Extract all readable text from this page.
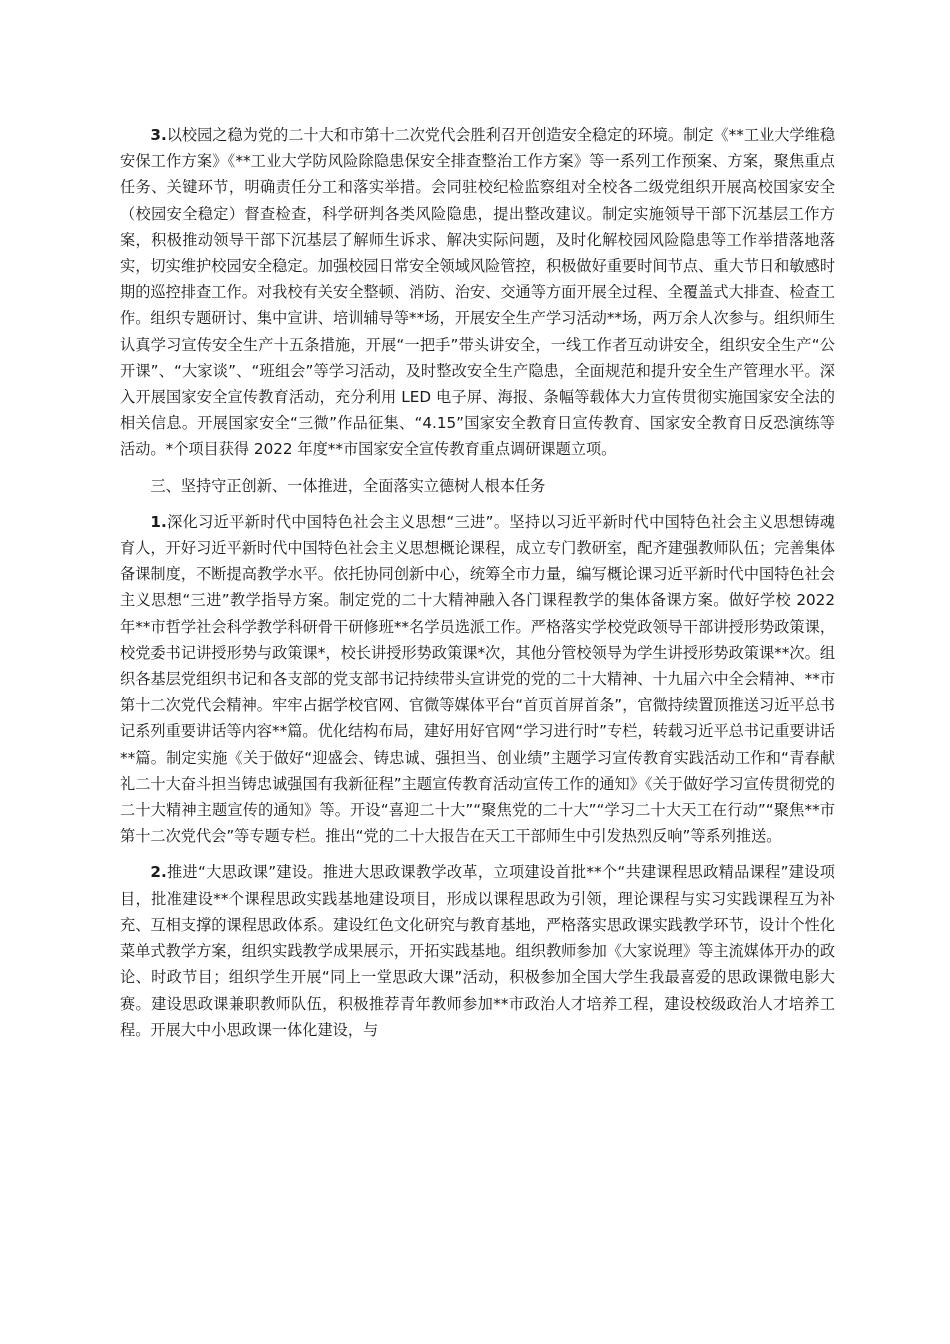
3.以校园之稳为党的二十大和市第十二次党代会胜利召开创造安全稳定的环境。制定《**工业大学维稳安保工作方案》《**工业大学防风险除隐患保安全排查整治工作方案》等一系列工作预案、方案，聚焦重点任务、关键环节，明确责任分工和落实举措。会同驻校纪检监察组对全校各二级党组织开展高校国家安全（校园安全稳定）督查检查，科学研判各类风险隐患，提出整改建议。制定实施领导干部下沉基层工作方案，积极推动领导干部下沉基层了解师生诉求、解决实际问题，及时化解校园风险隐患等工作举措落地落实，切实维护校园安全稳定。加强校园日常安全领域风险管控，积极做好重要时间节点、重大节日和敏感时期的巡控排查工作。对我校有关安全整顿、消防、治安、交通等方面开展全过程、全覆盖式大排查、检查工作。组织专题研讨、集中宣讲、培训辅导等**场，开展安全生产学习活动**场，两万余人次参与。组织师生认真学习宣传安全生产十五条措施，开展“一把手”带头讲安全，一线工作者互动讲安全，组织安全生产“公开课”、“大家谈”、“班组会”等学习活动，及时整改安全生产隐患，全面规范和提升安全生产管理水平。深入开展国家安全宣传教育活动，充分利用 LED 电子屏、海报、条幅等载体大力宣传贯彻实施国家安全法的相关信息。开展国家安全“三微”作品征集、“4.15”国家安全教育日宣传教育、国家安全教育日反恐演练等活动。*个项目获得 2022 年度**市国家安全宣传教育重点调研课题立项。

三、坚持守正创新、一体推进，全面落实立德树人根本任务

1.深化习近平新时代中国特色社会主义思想“三进”。坚持以习近平新时代中国特色社会主义思想铸魂育人，开好习近平新时代中国特色社会主义思想概论课程，成立专门教研室，配齐建强教师队伍；完善集体备课制度，不断提高教学水平。依托协同创新中心，统筹全市力量，编写概论课习近平新时代中国特色社会主义思想“三进”教学指导方案。制定党的二十大精神融入各门课程教学的集体备课方案。做好学校 2022 年**市哲学社会科学教学科研骨干研修班**名学员选派工作。严格落实学校党政领导干部讲授形势政策课，校党委书记讲授形势与政策课*，校长讲授形势政策课*次，其他分管校领导为学生讲授形势政策课**次。组织各基层党组织书记和各支部的党支部书记持续带头宣讲党的党的二十大精神、十九届六中全会精神、**市第十二次党代会精神。牢牢占据学校官网、官微等媒体平台“首页首屏首条”，官微持续置顶推送习近平总书记系列重要讲话等内容**篇。优化结构布局，建好用好官网“学习进行时”专栏，转载习近平总书记重要讲话**篇。制定实施《关于做好“迎盛会、铸忠诚、强担当、创业绩”主题学习宣传教育实践活动工作和“青春献礼二十大奋斗担当铸忠诚强国有我新征程”主题宣传教育活动宣传工作的通知》《关于做好学习宣传贯彻党的二十大精神主题宣传的通知》等。开设“喜迎二十大”“聚焦党的二十大”“学习二十大天工在行动”“聚焦**市第十二次党代会”等专题专栏。推出“党的二十大报告在天工干部师生中引发热烈反响”等系列推送。

2.推进“大思政课”建设。推进大思政课教学改革，立项建设首批**个“共建课程思政精品课程”建设项目，批准建设**个课程思政实践基地建设项目，形成以课程思政为引领，理论课程与实习实践课程互为补充、互相支撑的课程思政体系。建设红色文化研究与教育基地，严格落实思政课实践教学环节，设计个性化菜单式教学方案，组织实践教学成果展示，开拓实践基地。组织教师参加《大家说理》等主流媒体开办的政论、时政节目；组织学生开展“同上一堂思政大课”活动，积极参加全国大学生我最喜爱的思政课微电影大赛。建设思政课兼职教师队伍，积极推荐青年教师参加**市政治人才培养工程，建设校级政治人才培养工程。开展大中小思政课一体化建设，与
